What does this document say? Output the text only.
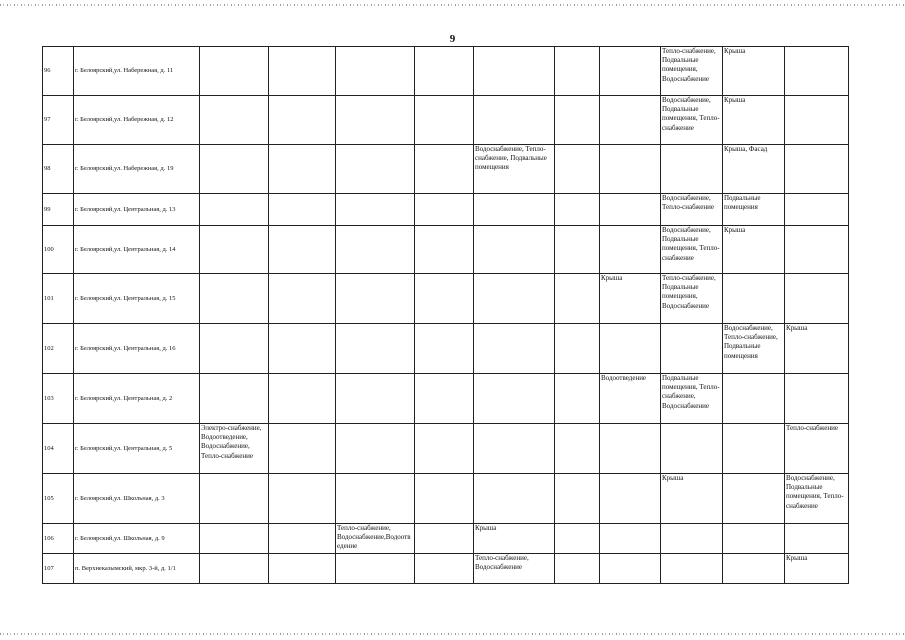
9
96	г. Белоярский,ул. Набережная, д. 11								Тепло-снабжение, Подвальные помещения, Водоснабжение	Крыша	
97	г. Белоярский,ул. Набережная, д. 12								Водоснабжение, Подвальные помещения, Тепло-снабжение	Крыша	
98	г. Белоярский,ул. Набережная, д. 19					Водоснабжение, Тепло-снабжение, Подвальные помещения				Крыша, Фасад	
99	г. Белоярский,ул. Центральная, д. 13								Водоснабжение, Тепло-снабжение	Подвальные помещения	
100	г. Белоярский,ул. Центральная, д. 14								Водоснабжение, Подвальные помещения, Тепло-снабжение	Крыша	
101	г. Белоярский,ул. Центральная, д. 15							Крыша	Тепло-снабжение, Подвальные помещения, Водоснабжение		
102	г. Белоярский,ул. Центральная, д. 16									Водоснабжение, Тепло-снабжение, Подвальные помещения	Крыша
103	г. Белоярский,ул. Центральная, д. 2							Водоотведение	Подвальные помещения, Тепло-снабжение, Водоснабжение		
104	г. Белоярский,ул. Центральная, д. 5	Электро-снабжение, Водоотведение, Водоснабжение, Тепло-снабжение									Тепло-снабжение
105	г. Белоярский,ул. Школьная, д. 3								Крыша		Водоснабжение, Подвальные помещения, Тепло-снабжение
106	г. Белоярский,ул. Школьная, д. 9			Тепло-снабжение, Водоснабжение,Водоотведение		Крыша					
107	п. Верхнеказымский, мкр. 3-й, д. 1/1					Тепло-снабжение, Водоснабжение					Крыша
